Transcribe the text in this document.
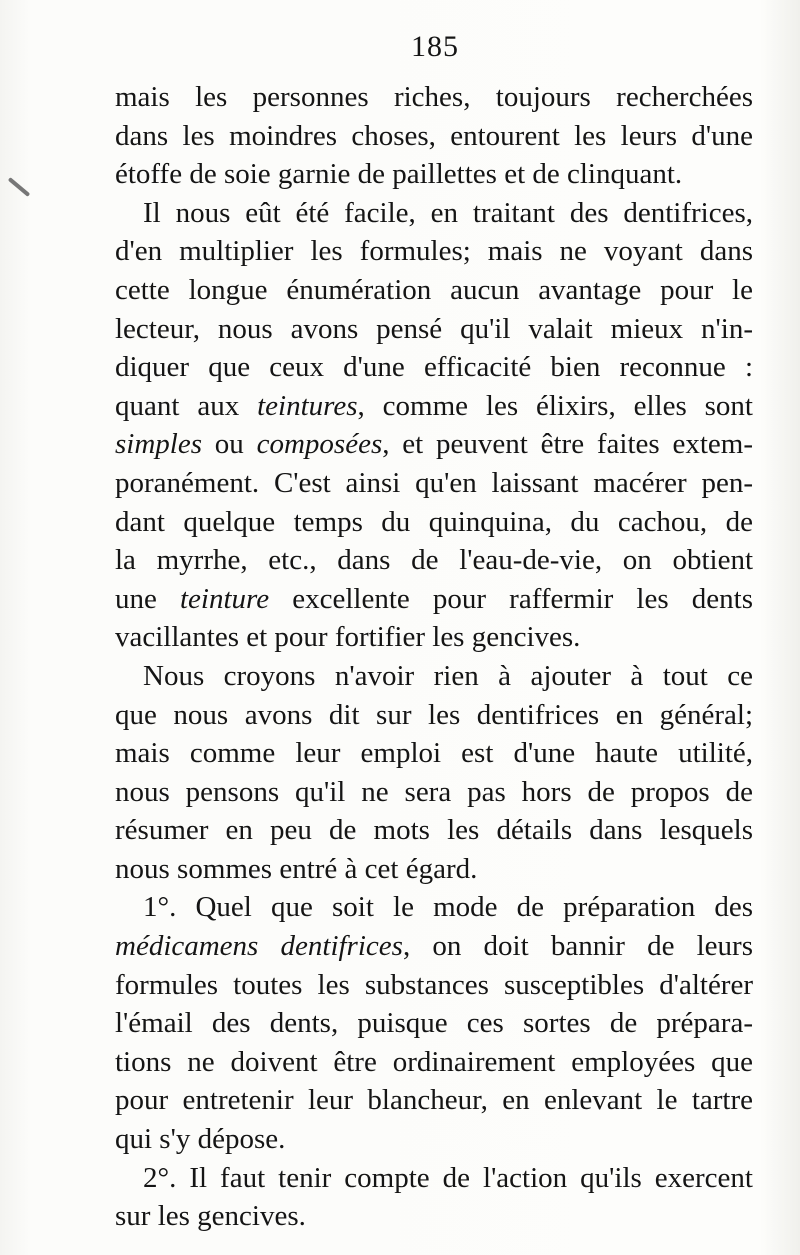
185
mais les personnes riches, toujours recherchées
dans les moindres choses, entourent les leurs d'une
étoffe de soie garnie de paillettes et de clinquant.
Il nous eût été facile, en traitant des dentifrices,
d'en multiplier les formules; mais ne voyant dans
cette longue énumération aucun avantage pour le
lecteur, nous avons pensé qu'il valait mieux n'in-
diquer que ceux d'une efficacité bien reconnue :
quant aux teintures, comme les élixirs, elles sont
simples ou composées, et peuvent être faites extem-
poranément. C'est ainsi qu'en laissant macérer pen-
dant quelque temps du quinquina, du cachou, de
la myrrhe, etc., dans de l'eau-de-vie, on obtient
une teinture excellente pour raffermir les dents
vacillantes et pour fortifier les gencives.
Nous croyons n'avoir rien à ajouter à tout ce
que nous avons dit sur les dentifrices en général;
mais comme leur emploi est d'une haute utilité,
nous pensons qu'il ne sera pas hors de propos de
résumer en peu de mots les détails dans lesquels
nous sommes entré à cet égard.
1°. Quel que soit le mode de préparation des
médicamens dentifrices, on doit bannir de leurs
formules toutes les substances susceptibles d'altérer
l'émail des dents, puisque ces sortes de prépara-
tions ne doivent être ordinairement employées que
pour entretenir leur blancheur, en enlevant le tartre
qui s'y dépose.
2°. Il faut tenir compte de l'action qu'ils exercent
sur les gencives.
